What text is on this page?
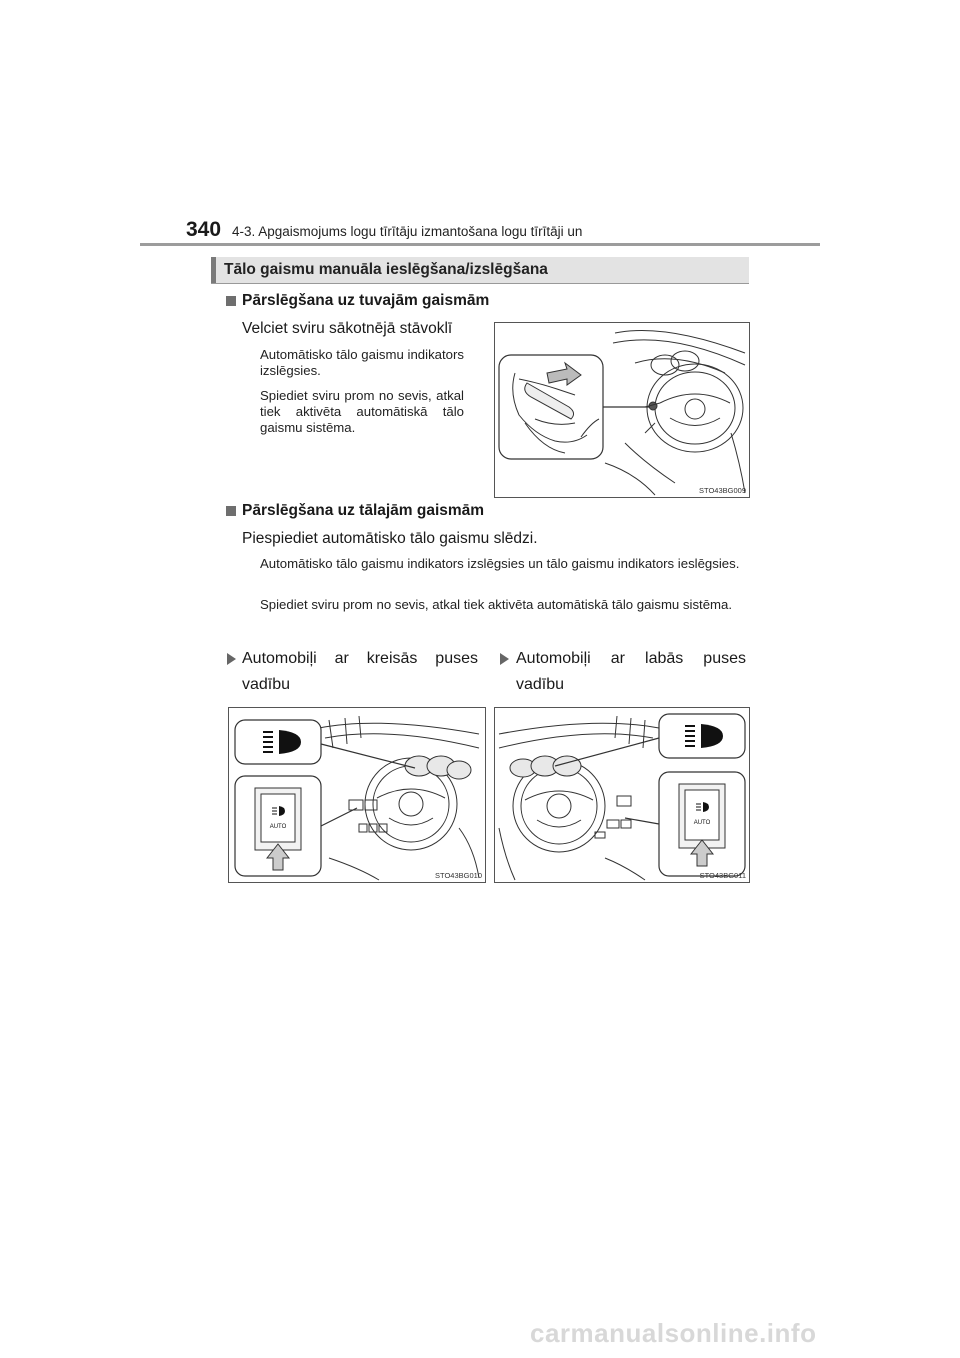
340 4-3. Apgaismojums logu tīrītāju izmantošana logu tīrītāji un
Tālo gaismu manuāla ieslēgšana/izslēgšana
Pārslēgšana uz tuvajām gaismām
Velciet sviru sākotnējā stāvoklī
Automātisko tālo gaismu indikators izslēgsies.
Spiediet sviru prom no sevis, atkal tiek aktivēta automātiskā tālo gaismu sistēma.
STO43BG009
Pārslēgšana uz tālajām gaismām
Piespiediet automātisko tālo gaismu slēdzi.
Automātisko tālo gaismu indikators izslēgsies un tālo gaismu indikators ieslēgsies.
Spiediet sviru prom no sevis, atkal tiek aktivēta automātiskā tālo gaismu sistēma.
Automobiļi ar kreisās puses vadību
Automobiļi ar labās puses vadību
AUTO
STO43BG010
AUTO
STO43BG011
carmanualsonline.info
